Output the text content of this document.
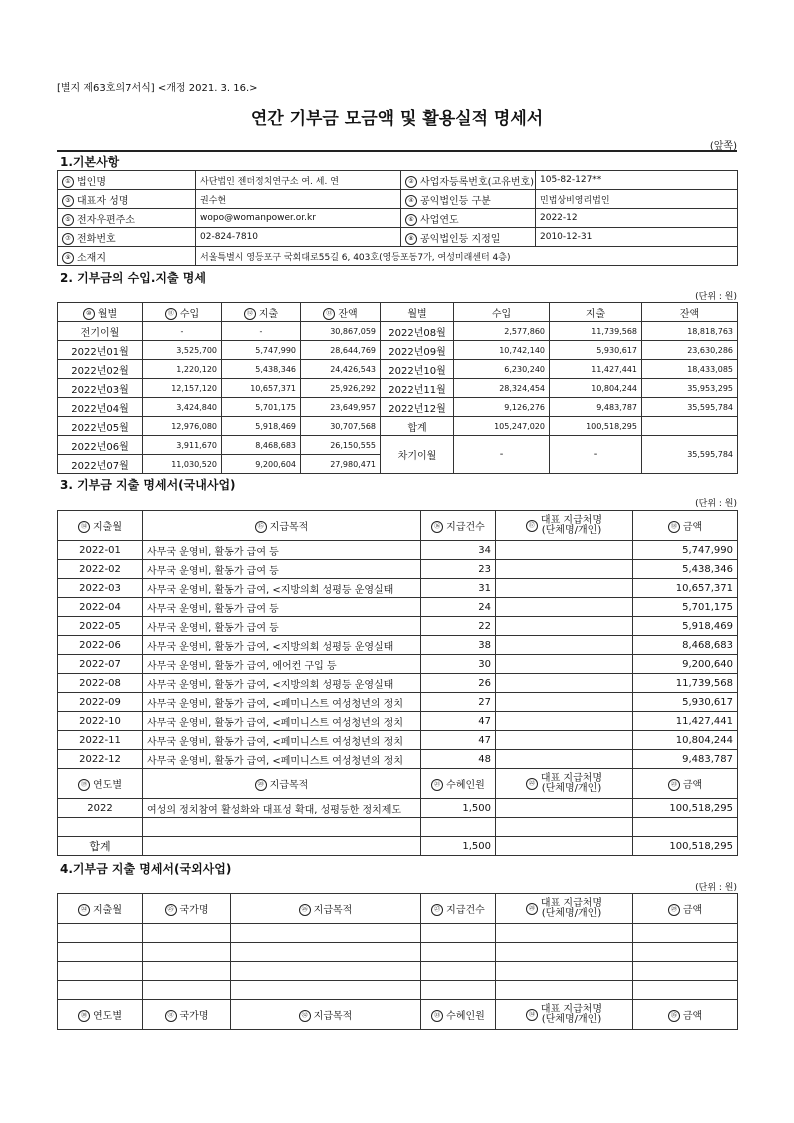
[별지 제63호의7서식] <개정 2021. 3. 16.>
연간 기부금 모금액 및 활용실적 명세서
(앞쪽)
1.기본사항
① 법인명	사단법인 젠더정치연구소 여. 세. 연	② 사업자등록번호(고유번호)	105-82-127**
③ 대표자 성명	권수현	④ 공익법인등 구분	민법상비영리법인
⑤ 전자우편주소	wopo@womanpower.or.kr	⑥ 사업연도	2022-12
⑦ 전화번호	02-824-7810	⑧ 공익법인등 지정일	2010-12-31
⑨ 소재지	서울특별시 영등포구 국회대로55길 6, 403호(영등포동7가, 여성미래센터 4층)		
2. 기부금의 수입.지출 명세
(단위 : 원)
⑩ 월별	⑪ 수입	⑫ 지출	⑬ 잔액	월별	수입	지출	잔액
전기이월	-	-	30,867,059	2022년08월	2,577,860	11,739,568	18,818,763
2022년01월	3,525,700	5,747,990	28,644,769	2022년09월	10,742,140	5,930,617	23,630,286
2022년02월	1,220,120	5,438,346	24,426,543	2022년10월	6,230,240	11,427,441	18,433,085
2022년03월	12,157,120	10,657,371	25,926,292	2022년11월	28,324,454	10,804,244	35,953,295
2022년04월	3,424,840	5,701,175	23,649,957	2022년12월	9,126,276	9,483,787	35,595,784
2022년05월	12,976,080	5,918,469	30,707,568	합계	105,247,020	100,518,295	
2022년06월	3,911,670	8,468,683	26,150,555	차기이월	-	-	35,595,784
2022년07월	11,030,520	9,200,604	27,980,471				
3. 기부금 지출 명세서(국내사업)
(단위 : 원)
⑭ 지출월	⑮ 지급목적	⑯ 지급건수	⑰ 대표 지급처명
(단체명/개인)	⑱ 금액
2022-01	사무국 운영비, 활동가 급여 등	34		5,747,990
2022-02	사무국 운영비, 활동가 급여 등	23		5,438,346
2022-03	사무국 운영비, 활동가 급여, <지방의회 성평등 운영실태	31		10,657,371
2022-04	사무국 운영비, 활동가 급여 등	24		5,701,175
2022-05	사무국 운영비, 활동가 급여 등	22		5,918,469
2022-06	사무국 운영비, 활동가 급여, <지방의회 성평등 운영실태	38		8,468,683
2022-07	사무국 운영비, 활동가 급여, 에어컨 구입 등	30		9,200,640
2022-08	사무국 운영비, 활동가 급여, <지방의회 성평등 운영실태	26		11,739,568
2022-09	사무국 운영비, 활동가 급여, <페미니스트 여성청년의 정치	27		5,930,617
2022-10	사무국 운영비, 활동가 급여, <페미니스트 여성청년의 정치	47		11,427,441
2022-11	사무국 운영비, 활동가 급여, <페미니스트 여성청년의 정치	47		10,804,244
2022-12	사무국 운영비, 활동가 급여, <페미니스트 여성청년의 정치	48		9,483,787
⑲ 연도별	⑳ 지급목적	㉑ 수혜인원	㉒ 대표 지급처명
(단체명/개인)	㉓ 금액
2022	여성의 정치참여 활성화와 대표성 확대, 성평등한 정치제도	1,500		100,518,295

합계		1,500		100,518,295
4.기부금 지출 명세서(국외사업)
(단위 : 원)
㉔ 지출월	㉕ 국가명	㉖ 지급목적	㉗ 지급건수	㉘ 대표 지급처명
(단체명/개인)	㉙ 금액

㉚ 연도별	㉛ 국가명	㉜ 지급목적	㉝ 수혜인원	㉞ 대표 지급처명
(단체명/개인)	㉟ 금액
